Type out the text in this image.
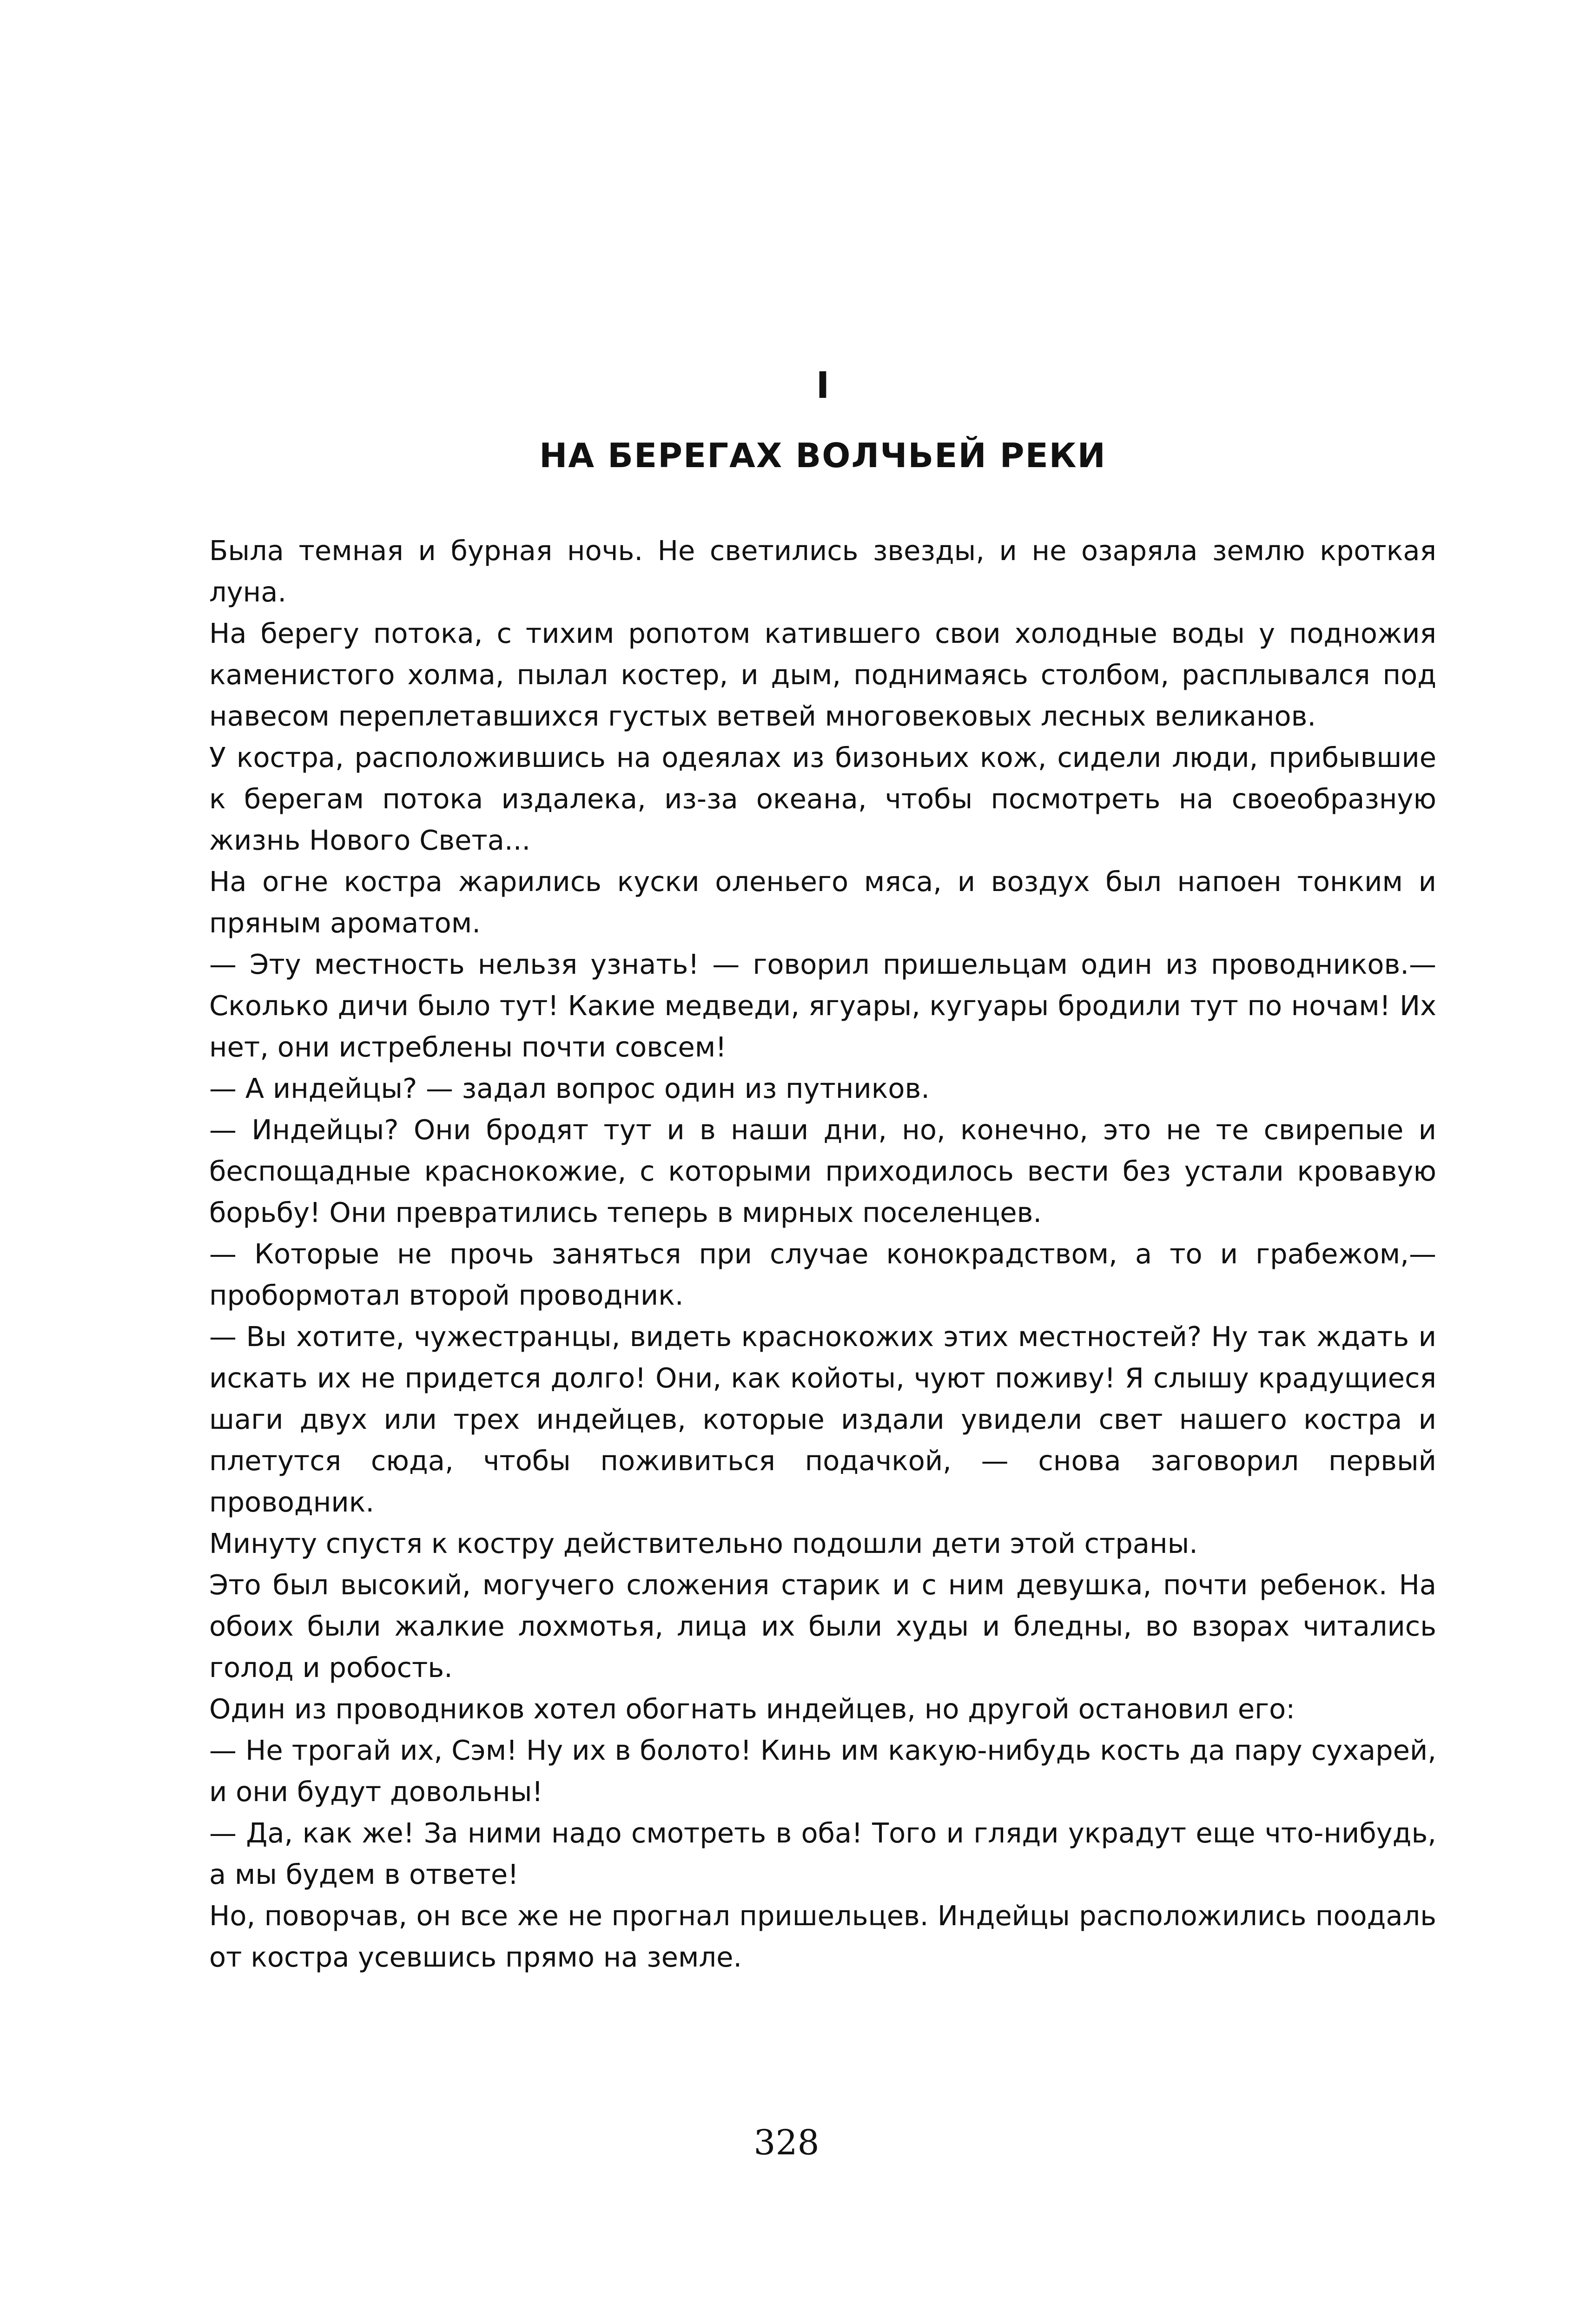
I
НА БЕРЕГАХ ВОЛЧЬЕЙ РЕКИ

Была темная и бурная ночь. Не светились звезды, и не озаряла землю кроткая луна.

На берегу потока, с тихим ропотом катившего свои холодные воды у подножия каменистого холма, пылал костер, и дым, поднимаясь столбом, расплывался под навесом переплетавшихся густых ветвей многовековых лесных великанов.

У костра, расположившись на одеялах из бизоньих кож, сидели люди, прибывшие к берегам потока издалека, из-за океана, чтобы посмотреть на своеобразную жизнь Нового Света...

На огне костра жарились куски оленьего мяса, и воздух был напоен тонким и пряным ароматом.

— Эту местность нельзя узнать! — говорил пришельцам один из проводников.— Сколько дичи было тут! Какие медведи, ягуары, кугуары бродили тут по ночам! Их нет, они истреблены почти совсем!

— А индейцы? — задал вопрос один из путников.

— Индейцы? Они бродят тут и в наши дни, но, конечно, это не те свирепые и беспощадные краснокожие, с которыми приходилось вести без устали кровавую борьбу! Они превратились теперь в мирных поселенцев.

— Которые не прочь заняться при случае конокрадством, а то и грабежом,— пробормотал второй проводник.

— Вы хотите, чужестранцы, видеть краснокожих этих местностей? Ну так ждать и искать их не придется долго! Они, как койоты, чуют поживу! Я слышу крадущиеся шаги двух или трех индейцев, которые издали увидели свет нашего костра и плетутся сюда, чтобы поживиться подачкой, — снова заговорил первый проводник.

Минуту спустя к костру действительно подошли дети этой страны.

Это был высокий, могучего сложения старик и с ним девушка, почти ребенок. На обоих были жалкие лохмотья, лица их были худы и бледны, во взорах читались голод и робость.

Один из проводников хотел обогнать индейцев, но другой остановил его:

— Не трогай их, Сэм! Ну их в болото! Кинь им какую-нибудь кость да пару сухарей, и они будут довольны!

— Да, как же! За ними надо смотреть в оба! Того и гляди украдут еще что-нибудь, а мы будем в ответе!

Но, поворчав, он все же не прогнал пришельцев. Индейцы расположились поодаль от костра усевшись прямо на земле.

328
